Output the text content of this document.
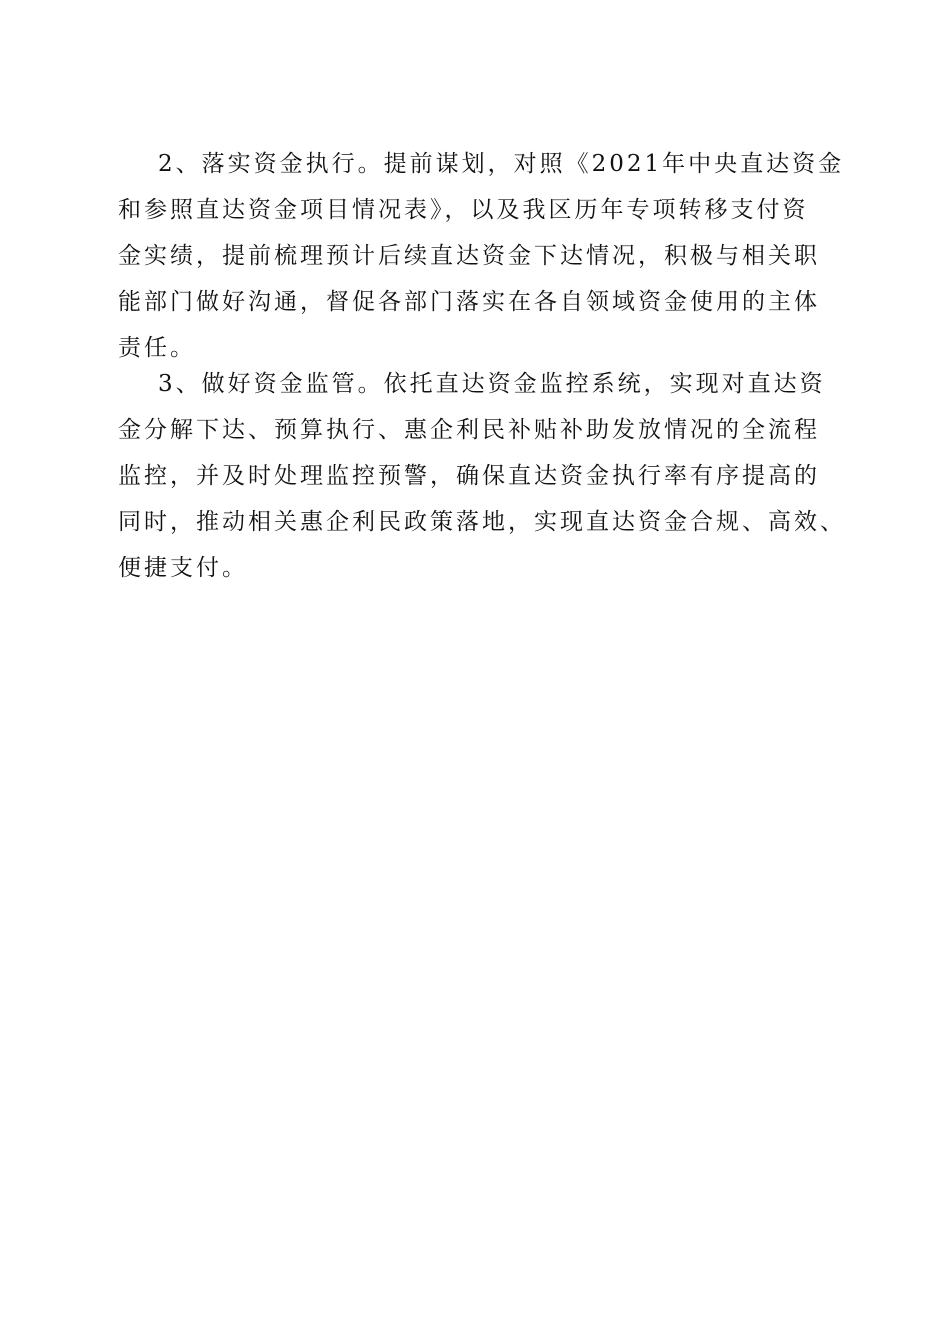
2、落实资金执行。提前谋划，对照《2021年中央直达资金
和参照直达资金项目情况表》，以及我区历年专项转移支付资
金实绩，提前梳理预计后续直达资金下达情况，积极与相关职
能部门做好沟通，督促各部门落实在各自领域资金使用的主体
责任。

3、做好资金监管。依托直达资金监控系统，实现对直达资
金分解下达、预算执行、惠企利民补贴补助发放情况的全流程
监控，并及时处理监控预警，确保直达资金执行率有序提高的
同时，推动相关惠企利民政策落地，实现直达资金合规、高效、
便捷支付。
